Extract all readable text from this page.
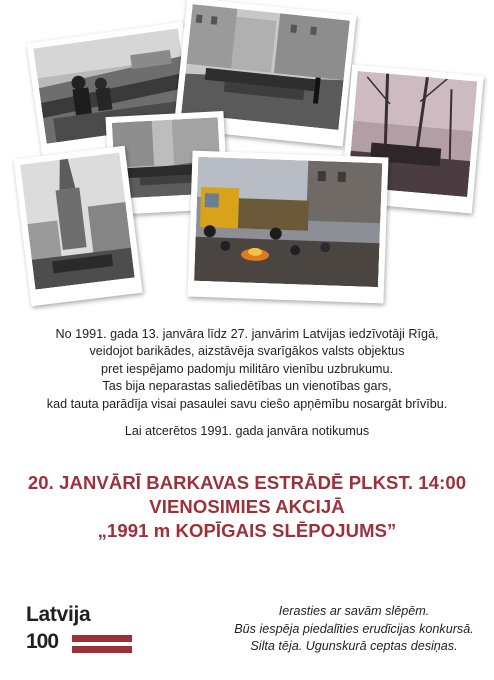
No 1991. gada 13. janvāra līdz 27. janvārim Latvijas iedzīvotāji Rīgā,

veidojot barikādes, aizstāvēja svarīgākos valsts objektus

pret iespējamo padomju militāro vienību uzbrukumu.

Tas bija neparastas saliedētības un vienotības gars,

kad tauta parādīja visai pasaulei savu cieŝo apņēmību nosargāt brīvību.

Lai atcerētos 1991. gada janvāra notikumus
20. JANVĀRĪ BARKAVAS ESTRĀDĒ PLKST. 14:00
VIENOSIMIES AKCIJĀ
„1991 m KOPĪGAIS SLĒPOJUMS”
Latvija
100

Ierasties ar savām slēpēm.

Būs iespēja piedalīties erudīcijas konkursā.

Silta tēja. Ugunskurā ceptas desiņas.
